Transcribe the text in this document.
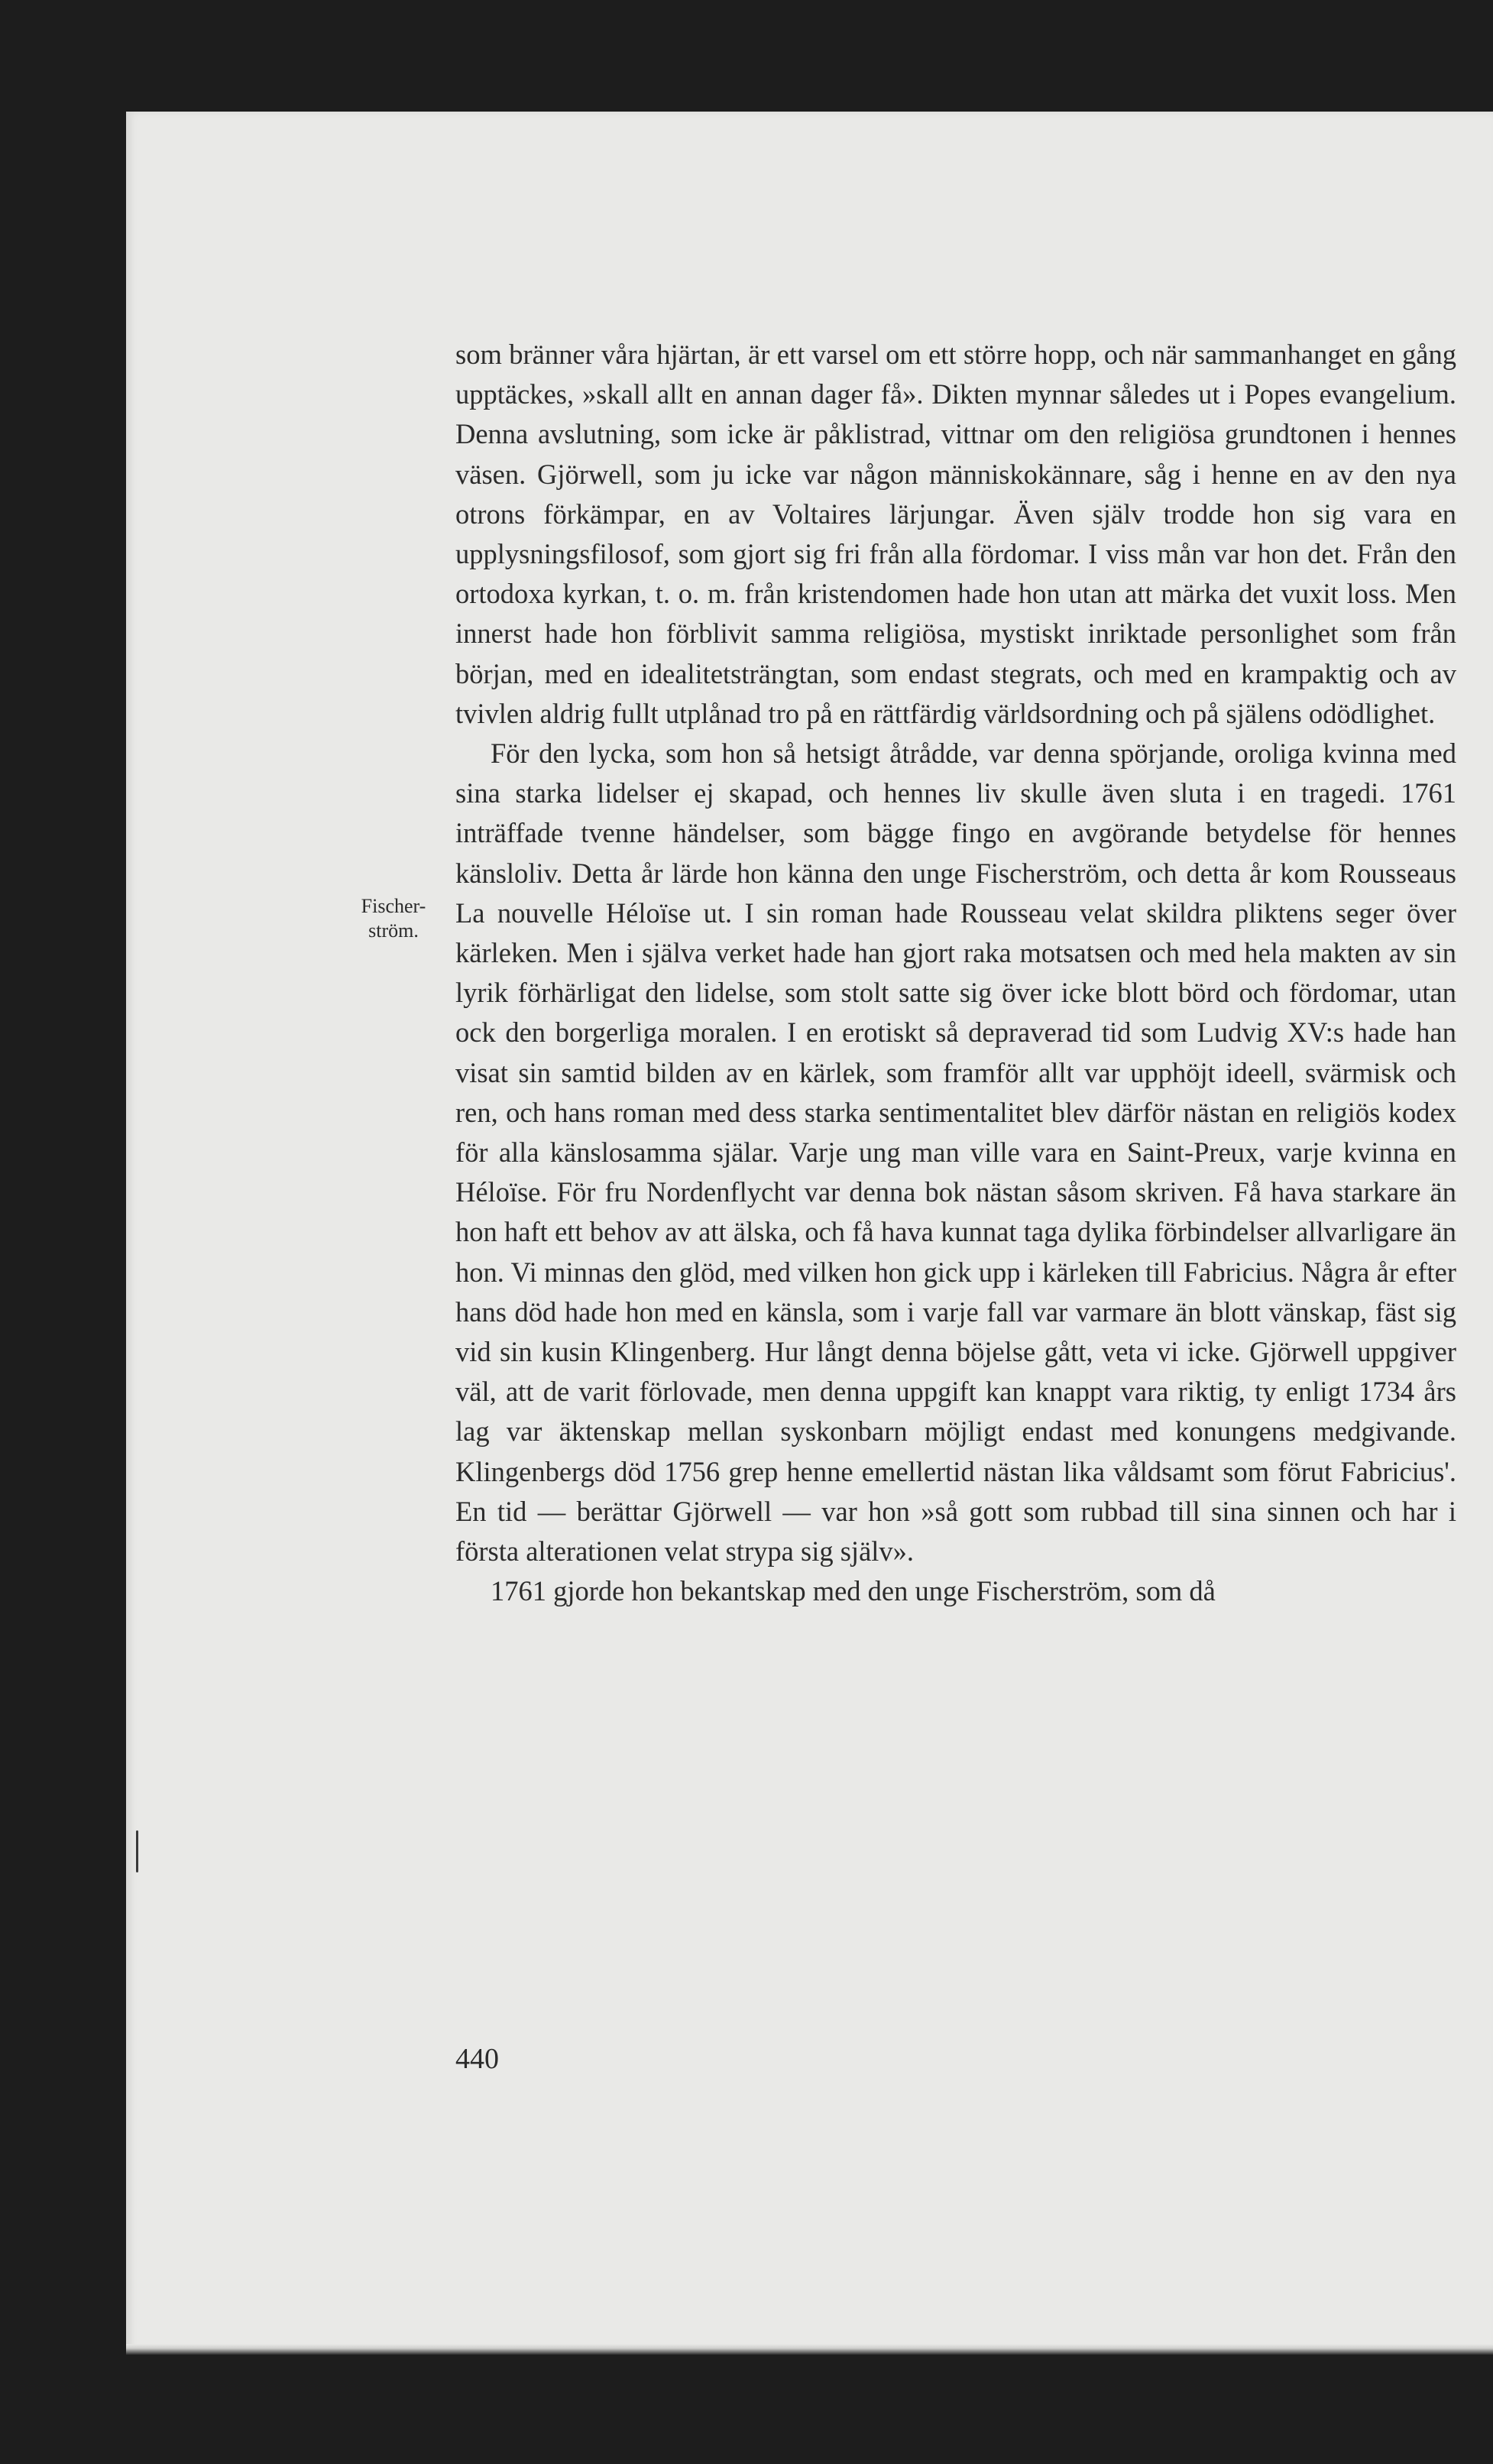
Fischer-
ström.

som bränner våra hjärtan, är ett varsel om ett större hopp, och när sammanhanget en gång upptäckes, »skall allt en annan dager få». Dikten mynnar således ut i Popes evangelium. Denna avslutning, som icke är påklistrad, vittnar om den religiösa grundtonen i hennes väsen. Gjörwell, som ju icke var någon människokännare, såg i henne en av den nya otrons förkämpar, en av Voltaires lärjungar. Även själv trodde hon sig vara en upplysningsfilosof, som gjort sig fri från alla fördomar. I viss mån var hon det. Från den ortodoxa kyrkan, t. o. m. från kristendomen hade hon utan att märka det vuxit loss. Men innerst hade hon förblivit samma religiösa, mystiskt inriktade personlighet som från början, med en idealitetsträngtan, som endast stegrats, och med en krampaktig och av tvivlen aldrig fullt utplånad tro på en rättfärdig världsordning och på själens odödlighet.

För den lycka, som hon så hetsigt åtrådde, var denna spörjande, oroliga kvinna med sina starka lidelser ej skapad, och hennes liv skulle även sluta i en tragedi. 1761 inträffade tvenne händelser, som bägge fingo en avgörande betydelse för hennes känsloliv. Detta år lärde hon känna den unge Fischerström, och detta år kom Rousseaus La nouvelle Héloïse ut. I sin roman hade Rousseau velat skildra pliktens seger över kärleken. Men i själva verket hade han gjort raka motsatsen och med hela makten av sin lyrik förhärligat den lidelse, som stolt satte sig över icke blott börd och fördomar, utan ock den borgerliga moralen. I en erotiskt så depraverad tid som Ludvig XV:s hade han visat sin samtid bilden av en kärlek, som framför allt var upphöjt ideell, svärmisk och ren, och hans roman med dess starka sentimentalitet blev därför nästan en religiös kodex för alla känslosamma själar. Varje ung man ville vara en Saint-Preux, varje kvinna en Héloïse. För fru Nordenflycht var denna bok nästan såsom skriven. Få hava starkare än hon haft ett behov av att älska, och få hava kunnat taga dylika förbindelser allvarligare än hon. Vi minnas den glöd, med vilken hon gick upp i kärleken till Fabricius. Några år efter hans död hade hon med en känsla, som i varje fall var varmare än blott vänskap, fäst sig vid sin kusin Klingenberg. Hur långt denna böjelse gått, veta vi icke. Gjörwell uppgiver väl, att de varit förlovade, men denna uppgift kan knappt vara riktig, ty enligt 1734 års lag var äktenskap mellan syskonbarn möjligt endast med konungens medgivande. Klingenbergs död 1756 grep henne emellertid nästan lika våldsamt som förut Fabricius'. En tid — berättar Gjörwell — var hon »så gott som rubbad till sina sinnen och har i första alterationen velat strypa sig själv».

1761 gjorde hon bekantskap med den unge Fischerström, som då

440
